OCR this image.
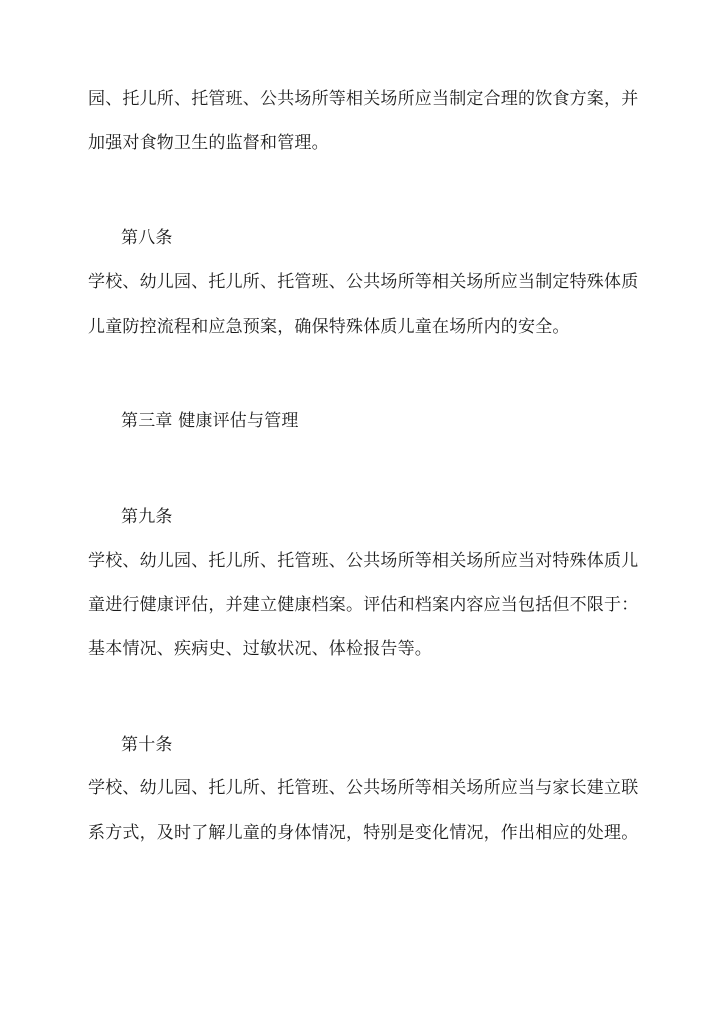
园、托儿所、托管班、公共场所等相关场所应当制定合理的饮食方案，并
加强对食物卫生的监督和管理。
第八条
学校、幼儿园、托儿所、托管班、公共场所等相关场所应当制定特殊体质
儿童防控流程和应急预案，确保特殊体质儿童在场所内的安全。
第三章 健康评估与管理
第九条
学校、幼儿园、托儿所、托管班、公共场所等相关场所应当对特殊体质儿
童进行健康评估，并建立健康档案。评估和档案内容应当包括但不限于：
基本情况、疾病史、过敏状况、体检报告等。
第十条
学校、幼儿园、托儿所、托管班、公共场所等相关场所应当与家长建立联
系方式，及时了解儿童的身体情况，特别是变化情况，作出相应的处理。
